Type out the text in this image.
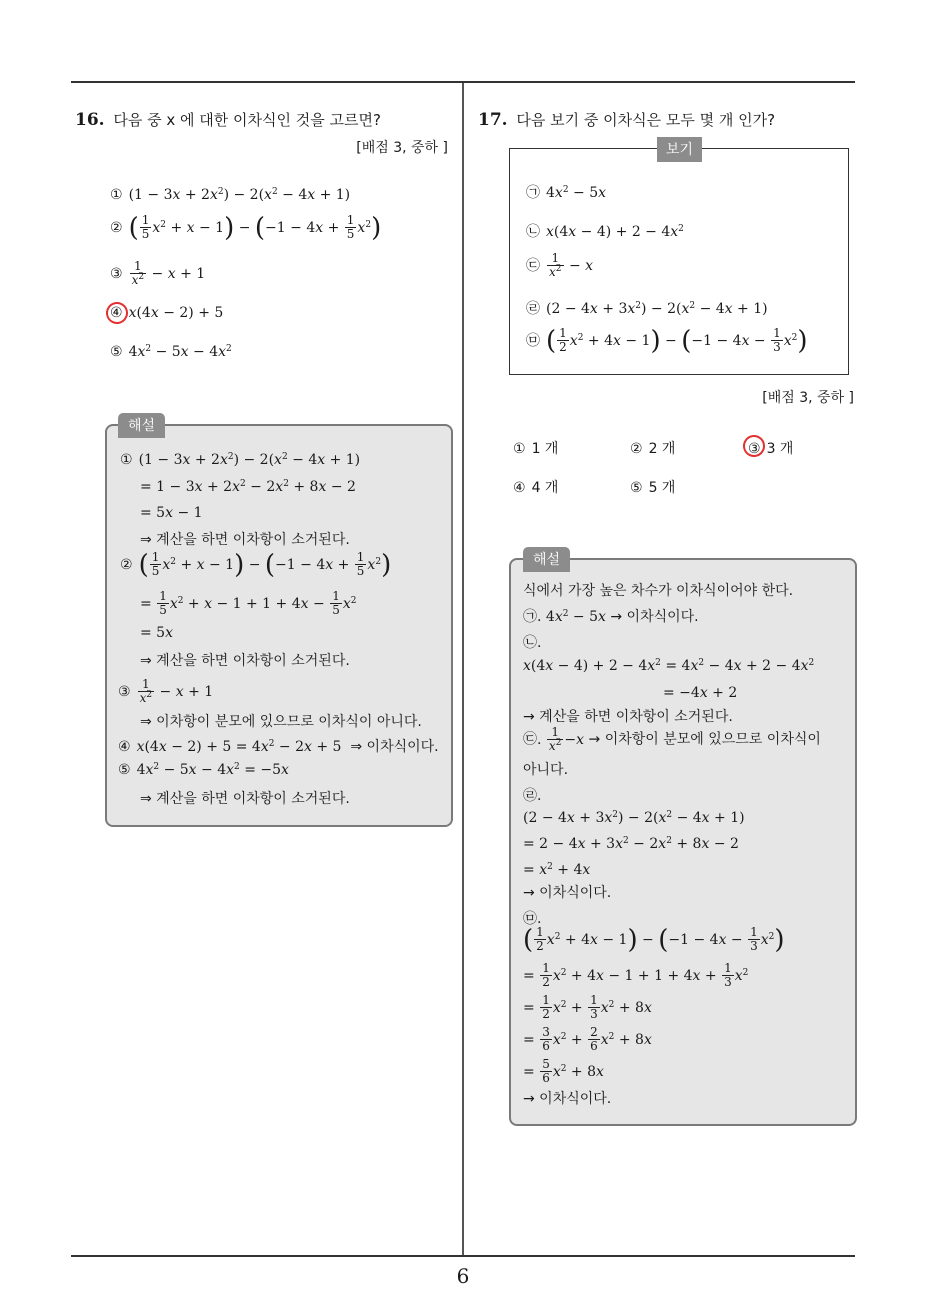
6
16. 다음 중 x 에 대한 이차식인 것을 고르면?
[배점 3, 중하 ]
① $(1 - 3x + 2x^2) - 2(x^2 - 4x + 1)$
② ( $\frac{1}{5} x^2 + x - 1) - (-1 - 4x + \frac{1}{5} x^2)$
③ $\frac{1}{x^2} - x + 1$
④ x(4x − 2) + 5
⑤ $4x^2 - 5x - 4x^2$
해설
① $(1 - 3x + 2x^2) - 2(x^2 - 4x + 1)$
= $1 - 3x + 2x^2 - 2x^2 + 8x - 2$
= 5x − 1
⇒ 계산을 하면 이차항이 소거된다.
② ( $\frac{1}{5} x^2 + x - 1) - (-1 - 4x + \frac{1}{5} x^2)$
= $\frac{1}{5} x^2 + x - 1 + 1 + 4x - \frac{1}{5} x^2$
= 5x
⇒ 계산을 하면 이차항이 소거된다.
③ $\frac{1}{x^2} - x + 1$
⇒ 이차항이 분모에 있으므로 이차식이 아니다.
④ $x(4x - 2) + 5 = 4x^2 - 2x + 5$  ⇒ 이차식이다.
⑤ $4x^2 - 5x - 4x^2 = -5x$
⇒ 계산을 하면 이차항이 소거된다.
17. 다음 보기 중 이차식은 모두 몇 개 인가?
보기
㉠ $4x^2 - 5x$
㉡ $x(4x - 4) + 2 - 4x^2$
㉢ $\frac{1}{x^2} - x$
㉣ $(2 - 4x + 3x^2) - 2(x^2 - 4x + 1)$
㉤ ( $\frac{1}{2} x^2 + 4x - 1) - (-1 - 4x - \frac{1}{3} x^2)$
[배점 3, 중하 ]
① 1 개	② 2 개	③ 3 개
④ 4 개	⑤ 5 개
해설
식에서 가장 높은 차수가 이차식이어야 한다.
㉠. $4x^2 - 5x$ → 이차식이다.
㉡.
$x(4x - 4) + 2 - 4x^2 = 4x^2 - 4x + 2 - 4x^2$
= −4x + 2
→ 계산을 하면 이차항이 소거된다.
㉢. $\frac{1}{x^2} -x$ → 이차항이 분모에 있으므로 이차식이
아니다.
㉣.
$(2 - 4x + 3x^2) - 2(x^2 - 4x + 1)$
= $2 - 4x + 3x^2 - 2x^2 + 8x - 2$
= $x^2 + 4x$
→ 이차식이다.
㉤.
( $\frac{1}{2} x^2 + 4x - 1) - (-1 - 4x - \frac{1}{3} x^2)$
= $\frac{1}{2} x^2 + 4x - 1 + 1 + 4x + \frac{1}{3} x^2$
= $\frac{1}{2} x^2 + \frac{1}{3} x^2 + 8x$
= $\frac{3}{6} x^2 + \frac{2}{6} x^2 + 8x$
= $\frac{5}{6} x^2 + 8x$
→ 이차식이다.
